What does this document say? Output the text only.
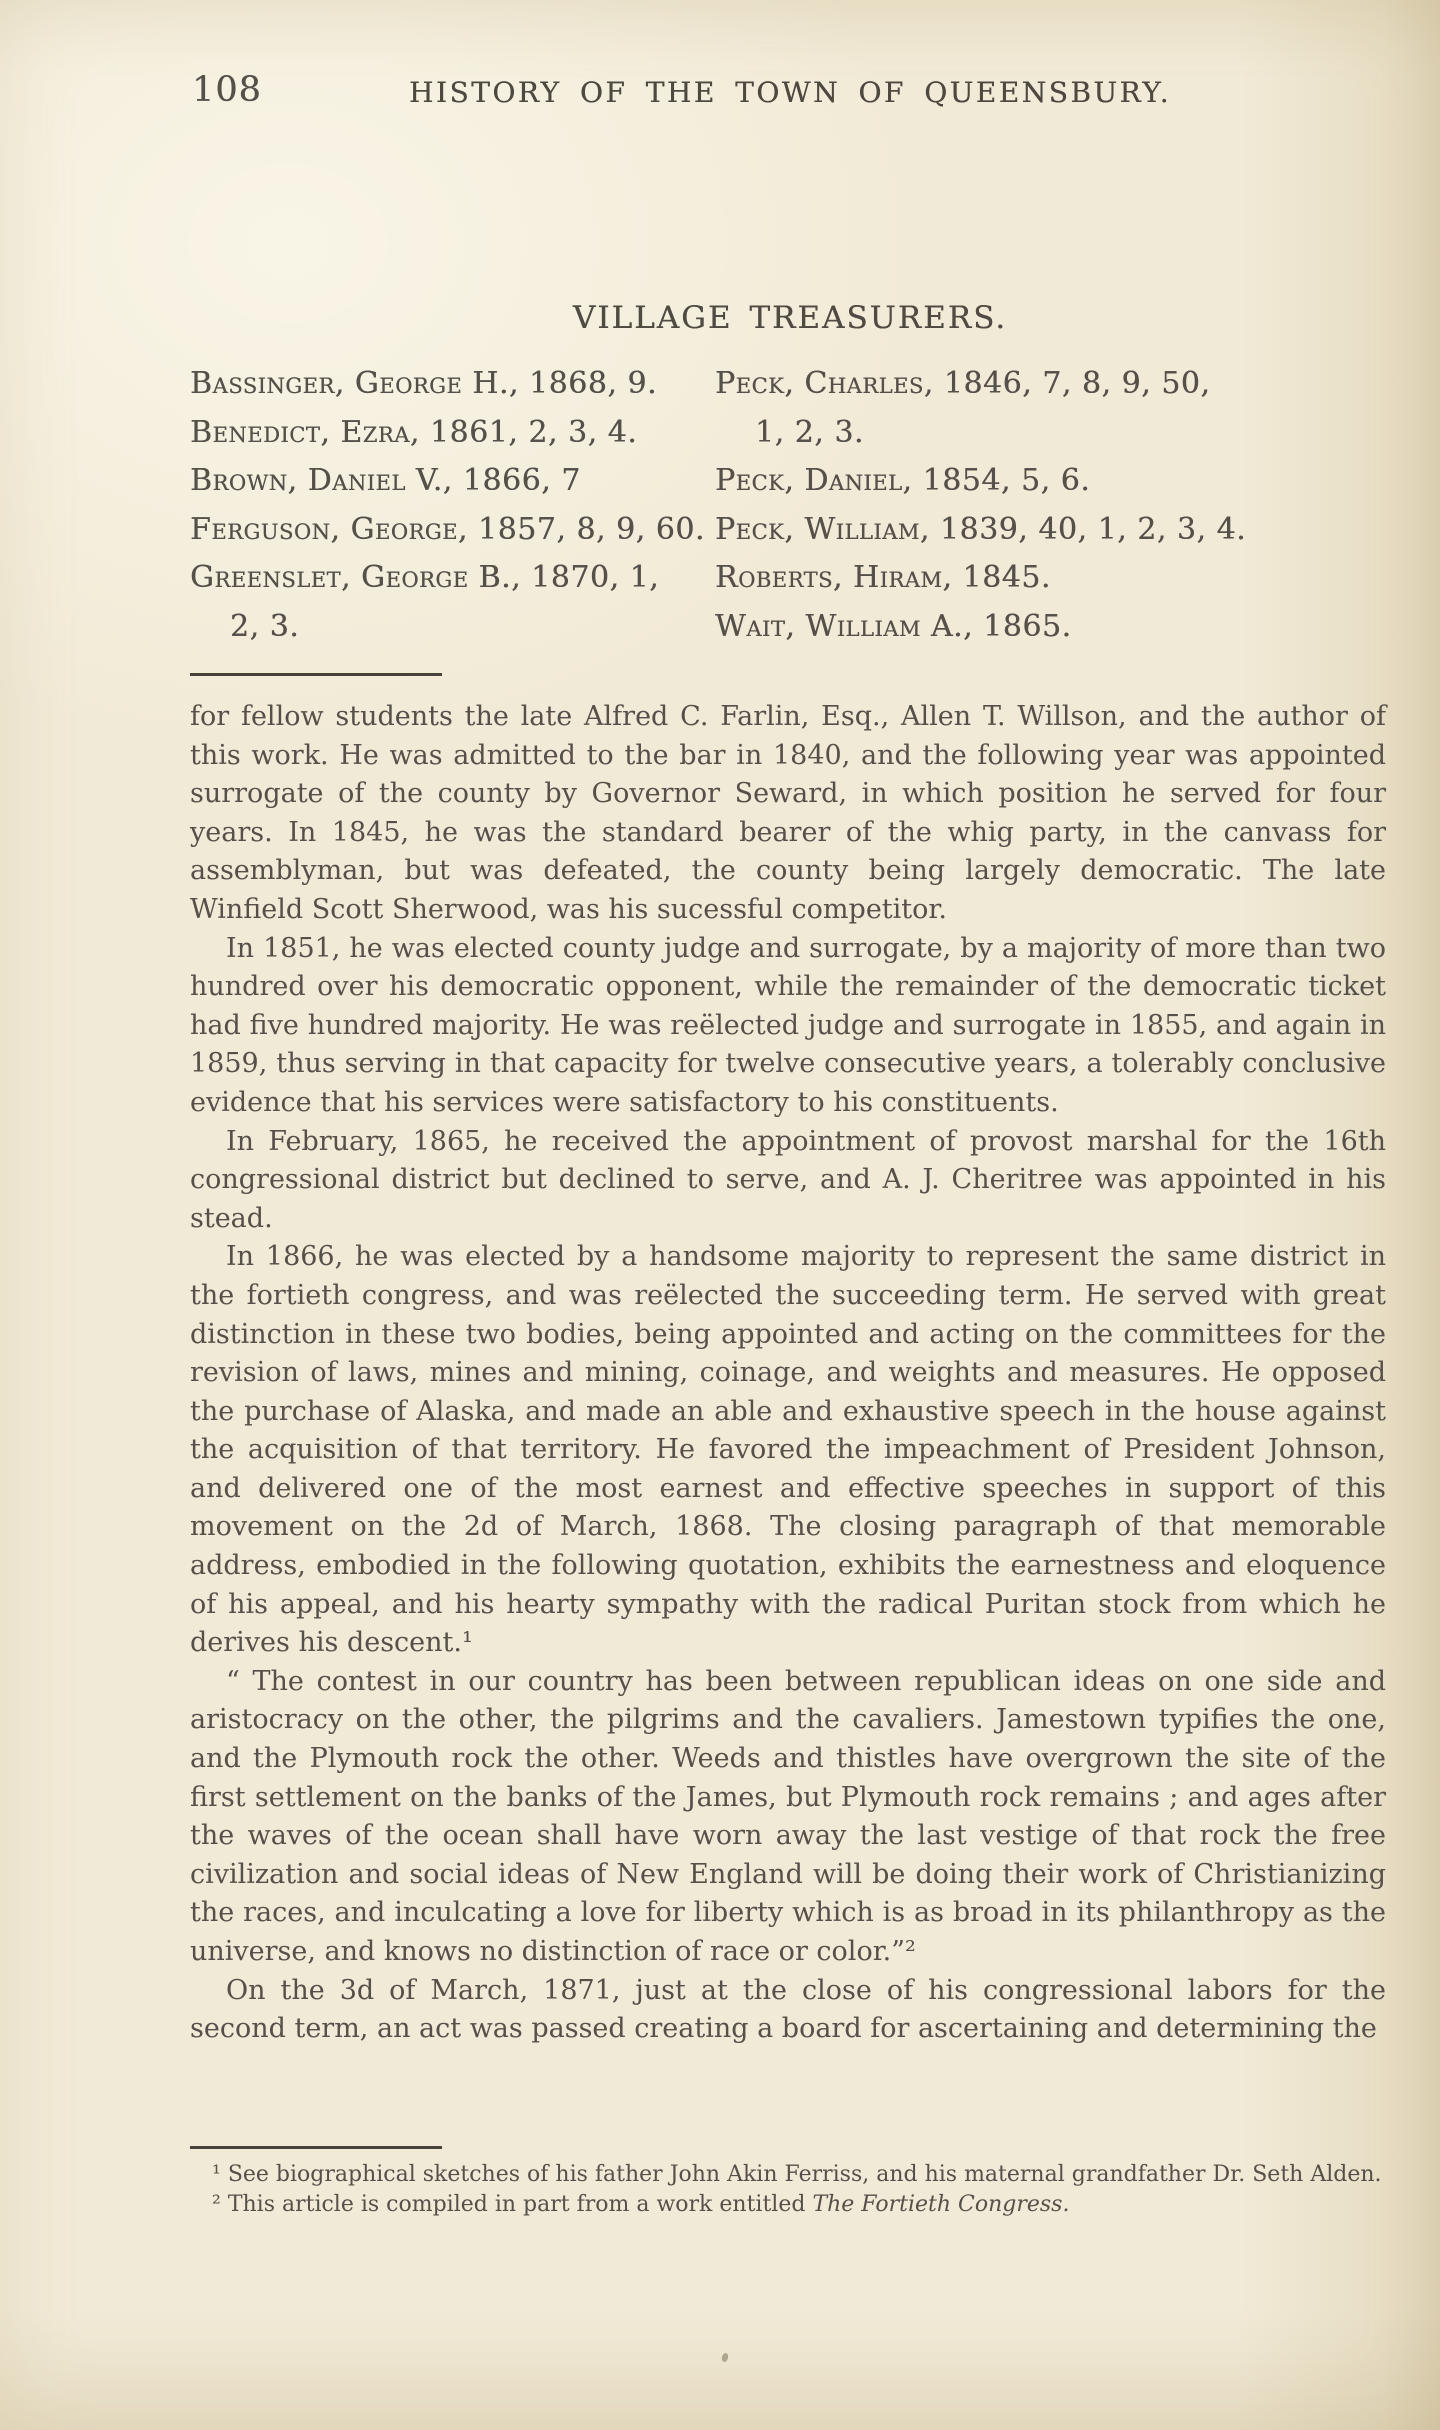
108	HISTORY OF THE TOWN OF QUEENSBURY.
VILLAGE TREASURERS.
Bassinger, George H., 1868, 9.
Benedict, Ezra, 1861, 2, 3, 4.
Brown, Daniel V., 1866, 7
Ferguson, George, 1857, 8, 9, 60.
Greenslet, George B., 1870, 1,
2, 3.
Peck, Charles, 1846, 7, 8, 9, 50,
1, 2, 3.
Peck, Daniel, 1854, 5, 6.
Peck, William, 1839, 40, 1, 2, 3, 4.
Roberts, Hiram, 1845.
Wait, William A., 1865.

for fellow students the late Alfred C. Farlin, Esq., Allen T. Willson, and the author of this work. He was admitted to the bar in 1840, and the following year was appointed surrogate of the county by Governor Seward, in which position he served for four years. In 1845, he was the standard bearer of the whig party, in the canvass for assemblyman, but was defeated, the county being largely democratic. The late Winfield Scott Sherwood, was his sucessful competitor.

In 1851, he was elected county judge and surrogate, by a majority of more than two hundred over his democratic opponent, while the remainder of the democratic ticket had five hundred majority. He was reëlected judge and surrogate in 1855, and again in 1859, thus serving in that capacity for twelve consecutive years, a tolerably conclusive evidence that his services were satisfactory to his constituents.

In February, 1865, he received the appointment of provost marshal for the 16th congressional district but declined to serve, and A. J. Cheritree was appointed in his stead.

In 1866, he was elected by a handsome majority to represent the same district in the fortieth congress, and was reëlected the succeeding term. He served with great distinction in these two bodies, being appointed and acting on the committees for the revision of laws, mines and mining, coinage, and weights and measures. He opposed the purchase of Alaska, and made an able and exhaustive speech in the house against the acquisition of that territory. He favored the impeachment of President Johnson, and delivered one of the most earnest and effective speeches in support of this movement on the 2d of March, 1868. The closing paragraph of that memorable address, embodied in the following quotation, exhibits the earnestness and eloquence of his appeal, and his hearty sympathy with the radical Puritan stock from which he derives his descent.¹

“ The contest in our country has been between republican ideas on one side and aristocracy on the other, the pilgrims and the cavaliers. Jamestown typifies the one, and the Plymouth rock the other. Weeds and thistles have overgrown the site of the first settlement on the banks of the James, but Plymouth rock remains ; and ages after the waves of the ocean shall have worn away the last vestige of that rock the free civilization and social ideas of New England will be doing their work of Christianizing the races, and inculcating a love for liberty which is as broad in its philanthropy as the universe, and knows no distinction of race or color.”²

On the 3d of March, 1871, just at the close of his congressional labors for the second term, an act was passed creating a board for ascertaining and determining the

¹ See biographical sketches of his father John Akin Ferriss, and his maternal grandfather Dr. Seth Alden.

² This article is compiled in part from a work entitled The Fortieth Congress.
